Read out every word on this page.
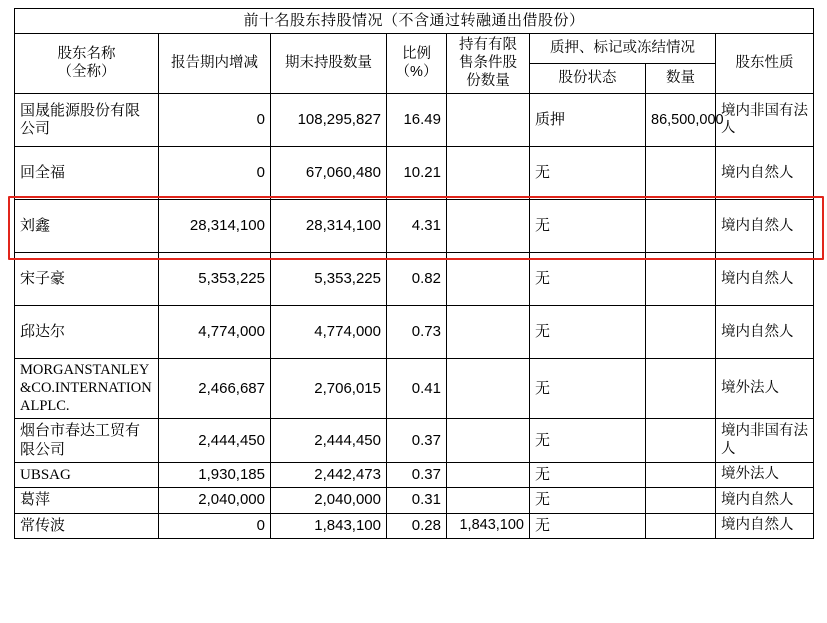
前十名股东持股情况（不含通过转融通出借股份）							

股东名称
（全称）	报告期内增减	期末持股数量	比例（%）	持有有限售条件股份数量	质押、标记或冻结情况		股东性质
					股份状态	数量	
国晟能源股份有限公司	0	108,295,827	16.49		质押	86,500,000	境内非国有法人
回全福	0	67,060,480	10.21		无		境内自然人
刘鑫	28,314,100	28,314,100	4.31		无		境内自然人
宋子豪	5,353,225	5,353,225	0.82		无		境内自然人
邱达尔	4,774,000	4,774,000	0.73		无		境内自然人
MORGANSTANLEY&CO.INTERNATIONALPLC.	2,466,687	2,706,015	0.41		无		境外法人
烟台市春达工贸有限公司	2,444,450	2,444,450	0.37		无		境内非国有法人
UBSAG	1,930,185	2,442,473	0.37		无		境外法人
葛萍	2,040,000	2,040,000	0.31		无		境内自然人
常传波	0	1,843,100	0.28	1,843,100	无		境内自然人
